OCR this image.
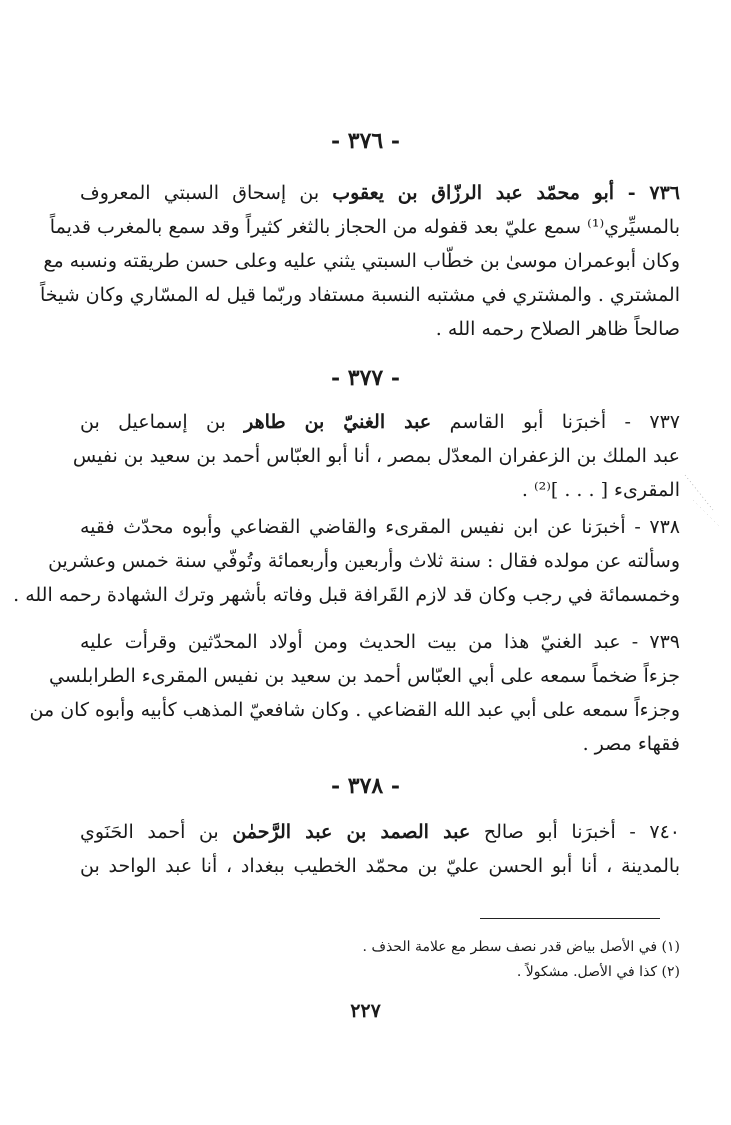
- ٣٧٦ -
٧٣٦ - أبو محمّد عبد الرزّاق بن يعقوب بن إسحاق السبتي المعروف
بالمسيِّري⁽¹⁾ سمع عليّ بعد قفوله من الحجاز بالثغر كثيراً وقد سمع بالمغرب قديماً
وكان أبوعمران موسىٰ بن خطّاب السبتي يثني عليه وعلى حسن طريقته ونسبه مع
المشتري . والمشتري في مشتبه النسبة مستفاد وربّما قيل له المسّاري وكان شيخاً
صالحاً ظاهر الصلاح رحمه الله .
- ٣٧٧ -
٧٣٧ - أخبرَنا أبو القاسم عبد الغنيّ بن طاهر بن إسماعيل بن
عبد الملك بن الزعفران المعدّل بمصر ، أنا أبو العبّاس أحمد بن سعيد بن نفيس
المقرىء [ . . . ]⁽²⁾ .
٧٣٨ - أخبرَنا عن ابن نفيس المقرىء والقاضي القضاعي وأبوه محدّث فقيه
وسألته عن مولده فقال : سنة ثلاث وأربعين وأربعمائة وتُوفّي سنة خمس وعشرين
وخمسمائة في رجب وكان قد لازم القَرافة قبل وفاته بأشهر وترك الشهادة رحمه الله .
٧٣٩ - عبد الغنيّ هذا من بيت الحديث ومن أولاد المحدّثين وقرأت عليه
جزءاً ضخماً سمعه على أبي العبّاس أحمد بن سعيد بن نفيس المقرىء الطرابلسي
وجزءاً سمعه على أبي عبد الله القضاعي . وكان شافعيّ المذهب كأبيه وأبوه كان من
فقهاء مصر .
- ٣٧٨ -
٧٤٠ - أخبرَنا أبو صالح عبد الصمد بن عبد الرَّحمٰن بن أحمد الحَنَوي
بالمدينة ، أنا أبو الحسن عليّ بن محمّد الخطيب ببغداد ، أنا عبد الواحد بن
(١) في الأصل بياض قدر نصف سطر مع علامة الحذف .
(٢) كذا في الأصل. مشكولاً .
٢٢٧
